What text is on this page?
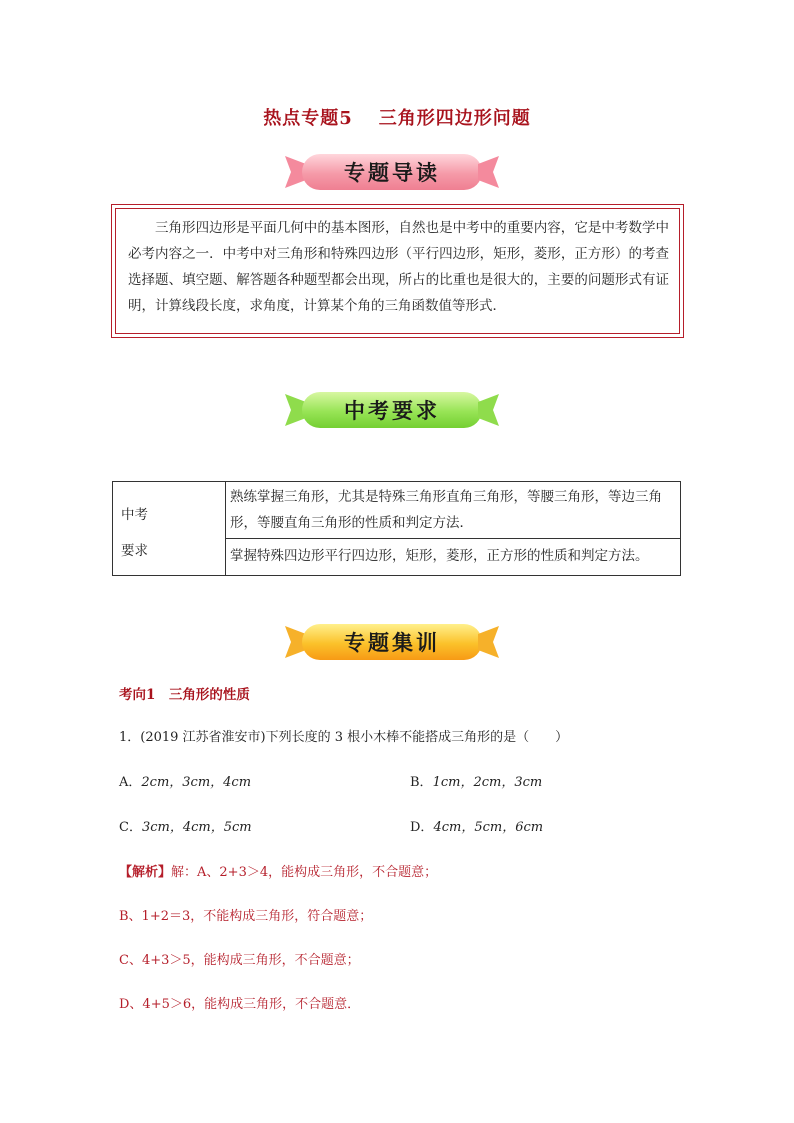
热点专题5 三角形四边形问题
专题导读

三角形四边形是平面几何中的基本图形，自然也是中考中的重要内容，它是中考数学中必考内容之一．中考中对三角形和特殊四边形（平行四边形，矩形，菱形，正方形）的考查选择题、填空题、解答题各种题型都会出现，所占的比重也是很大的，主要的问题形式有证明，计算线段长度，求角度，计算某个角的三角函数值等形式．

中考要求
中考
要求
	熟练掌握三角形，尤其是特殊三角形直角三角形，等腰三角形，等边三角形，等腰直角三角形的性质和判定方法．
掌握特殊四边形平行四边形，矩形，菱形，正方形的性质和判定方法。
专题集训
考向1　三角形的性质
1．(2019 江苏省淮安市)下列长度的 3 根小木棒不能搭成三角形的是（　　）
A．2cm，3cm，4cm	B．1cm，2cm，3cm
C．3cm，4cm，5cm	D．4cm，5cm，6cm
【解析】解：A、2+3＞4，能构成三角形，不合题意；
B、1+2＝3，不能构成三角形，符合题意；
C、4+3＞5，能构成三角形，不合题意；
D、4+5＞6，能构成三角形，不合题意．
